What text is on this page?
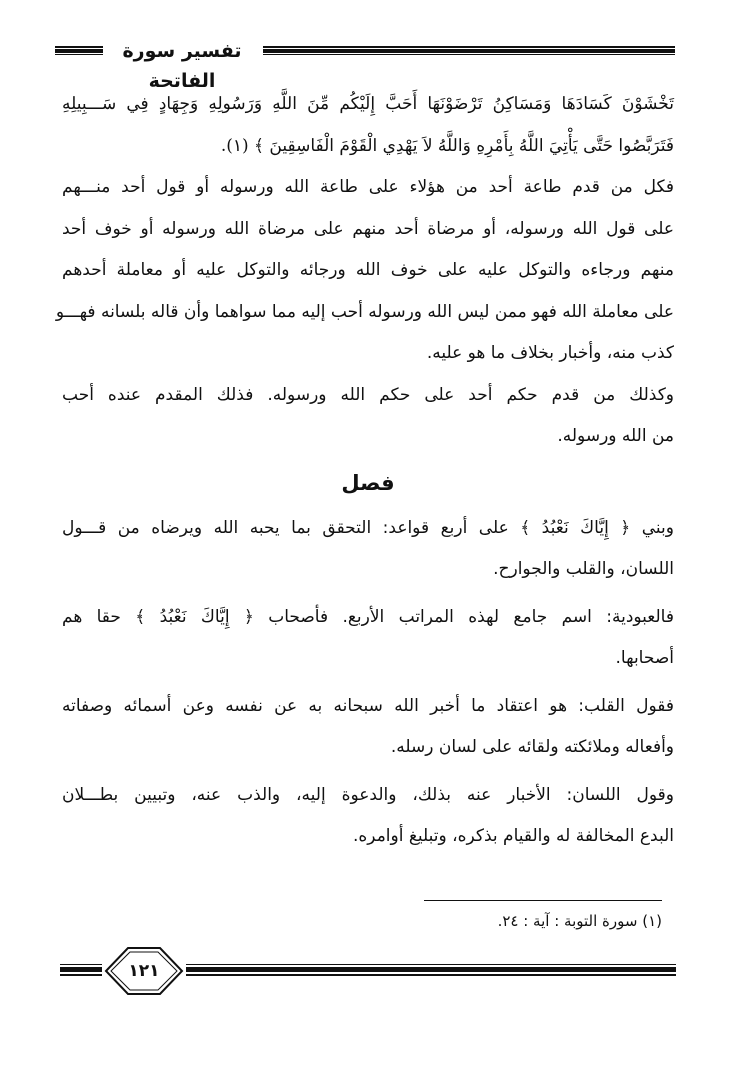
تفسير سورة الفاتحة
تَخْشَوْنَ كَسَادَهَا وَمَسَاكِنُ تَرْضَوْنَهَا أَحَبَّ إِلَيْكُم مِّنَ اللَّهِ وَرَسُولِهِ وَجِهَادٍ فِي سَـــبِيلِهِ
فَتَرَبَّصُوا حَتَّى يَأْتِيَ اللَّهُ بِأَمْرِهِ وَاللَّهُ لاَ يَهْدِي الْقَوْمَ الْفَاسِقِينَ ﴾ (١).
فكل من قدم طاعة أحد من هؤلاء على طاعة الله ورسوله أو قول أحد منـــهم
على قول الله ورسوله، أو مرضاة أحد منهم على مرضاة الله ورسوله أو خوف أحد
منهم ورجاءه والتوكل عليه على خوف الله ورجائه والتوكل عليه أو معاملة أحدهم
على معاملة الله فهو ممن ليس الله ورسوله أحب إليه مما سواهما وأن قاله بلسانه فهـــو
كذب منه، وأخبار بخلاف ما هو عليه.
وكذلك من قدم حكم أحد على حكم الله ورسوله. فذلك المقدم عنده أحب
من الله ورسوله.
فصل
وبني ﴿ إِيَّاكَ نَعْبُدُ ﴾ على أربع قواعد: التحقق بما يحبه الله ويرضاه من قـــول
اللسان، والقلب والجوارح.
فالعبودية: اسم جامع لهذه المراتب الأربع. فأصحاب ﴿ إِيَّاكَ نَعْبُدُ ﴾ حقا هم
أصحابها.
فقول القلب: هو اعتقاد ما أخبر الله سبحانه به عن نفسه وعن أسمائه وصفاته
وأفعاله وملائكته ولقائه على لسان رسله.
وقول اللسان: الأخبار عنه بذلك، والدعوة إليه، والذب عنه، وتبيين بطـــلان
البدع المخالفة له والقيام بذكره، وتبليغ أوامره.
(١) سورة التوبة : آية : ٢٤.
١٢١
